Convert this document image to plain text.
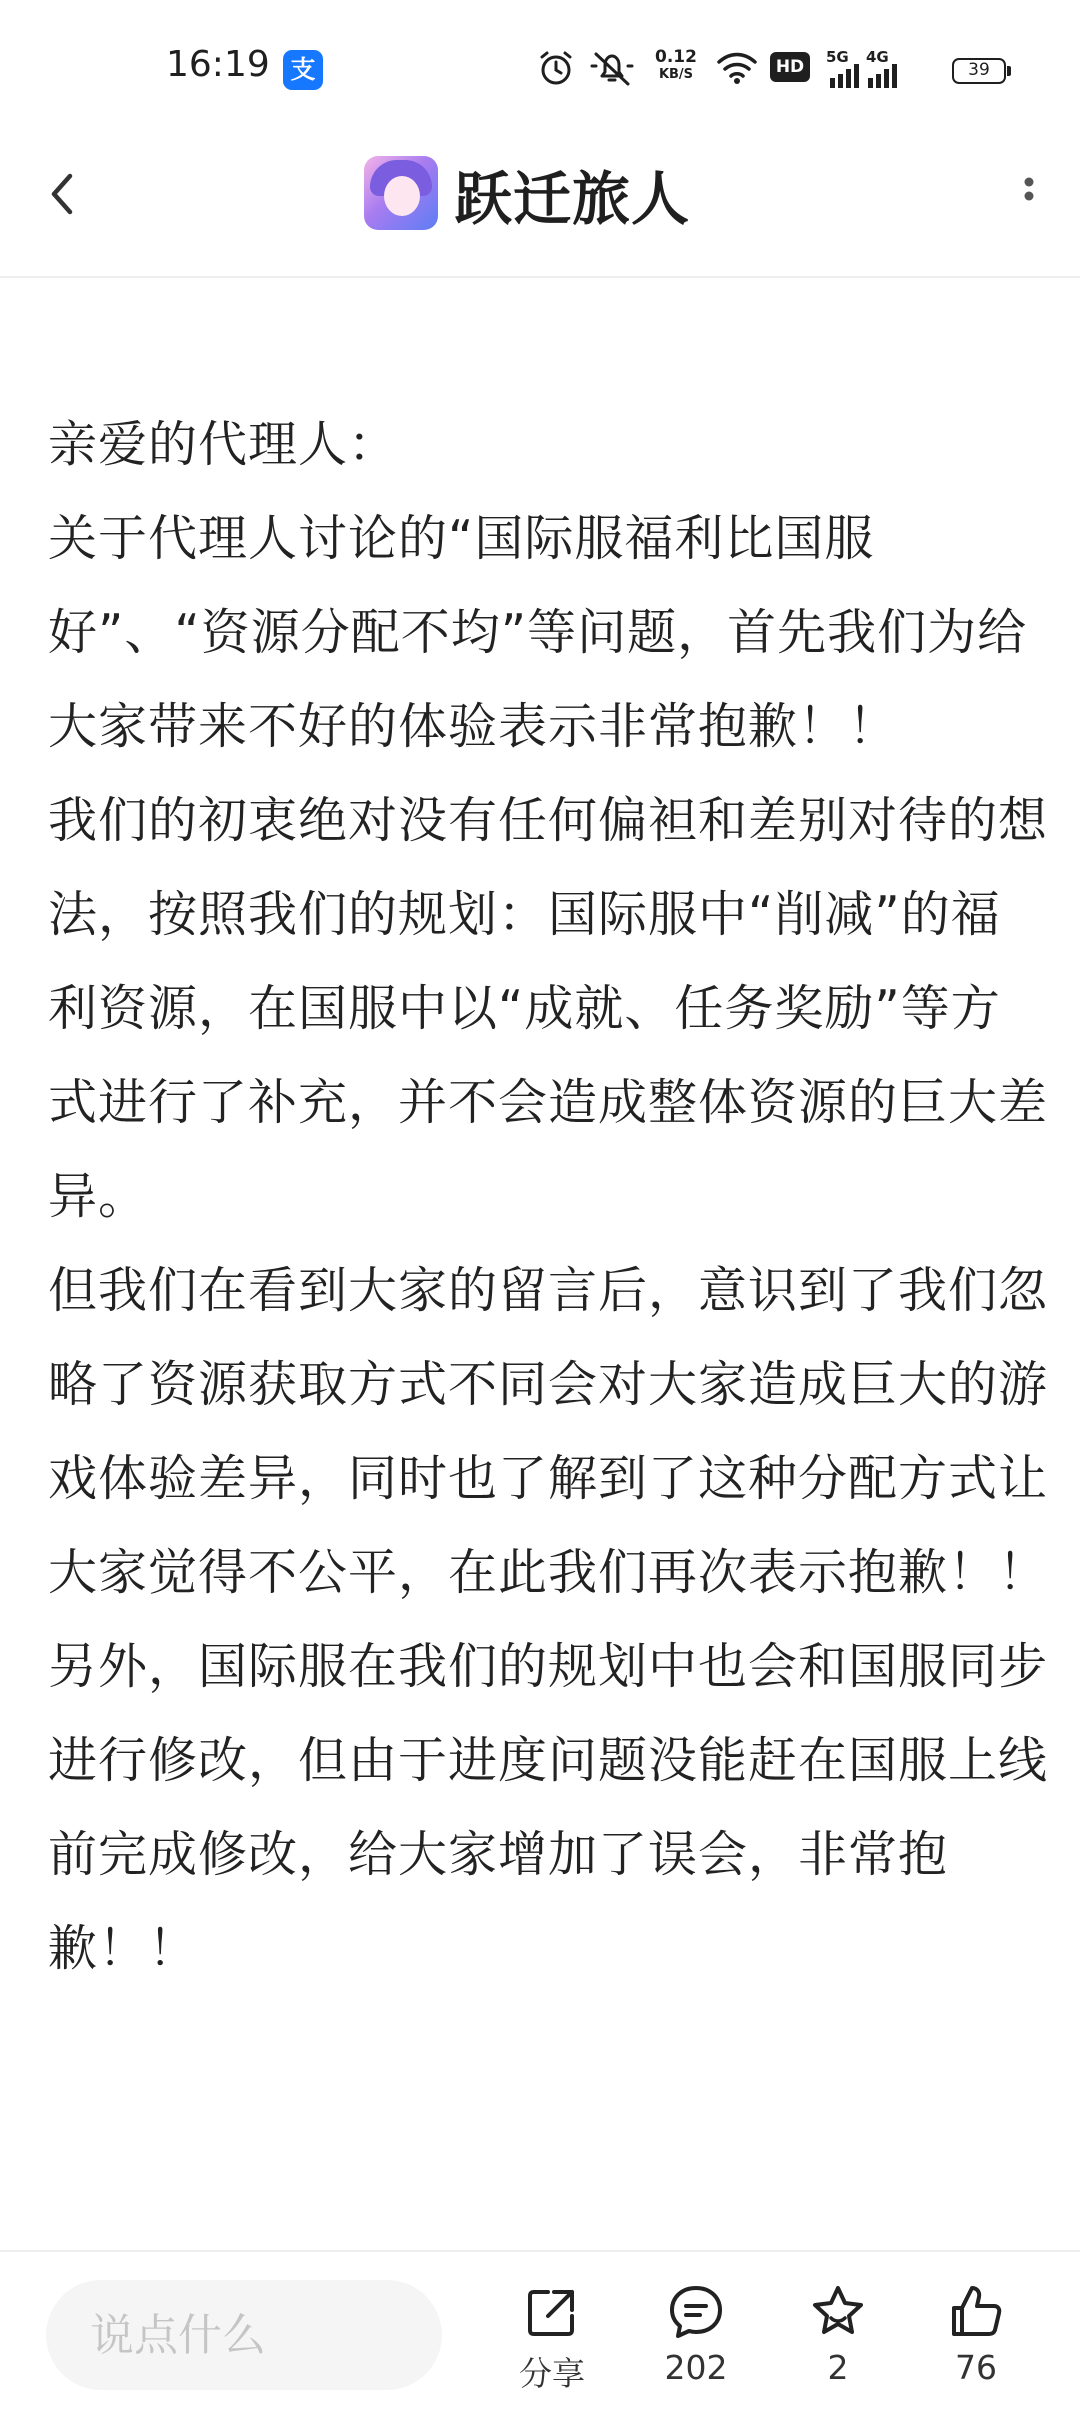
16:19 支	0.12
KB/S	HD	5G 4G
39
跃迁旅人

亲爱的代理人：

关于代理人讨论的“国际服福利比国服好”、“资源分配不均”等问题，首先我们为给大家带来不好的体验表示非常抱歉！！

我们的初衷绝对没有任何偏袒和差别对待的想法，按照我们的规划：国际服中“削减”的福利资源，在国服中以“成就、任务奖励”等方式进行了补充，并不会造成整体资源的巨大差异。

但我们在看到大家的留言后，意识到了我们忽略了资源获取方式不同会对大家造成巨大的游戏体验差异，同时也了解到了这种分配方式让大家觉得不公平，在此我们再次表示抱歉！！

另外，国际服在我们的规划中也会和国服同步进行修改，但由于进度问题没能赶在国服上线前完成修改，给大家增加了误会，非常抱歉！！

说点什么
分享	202	2	76
